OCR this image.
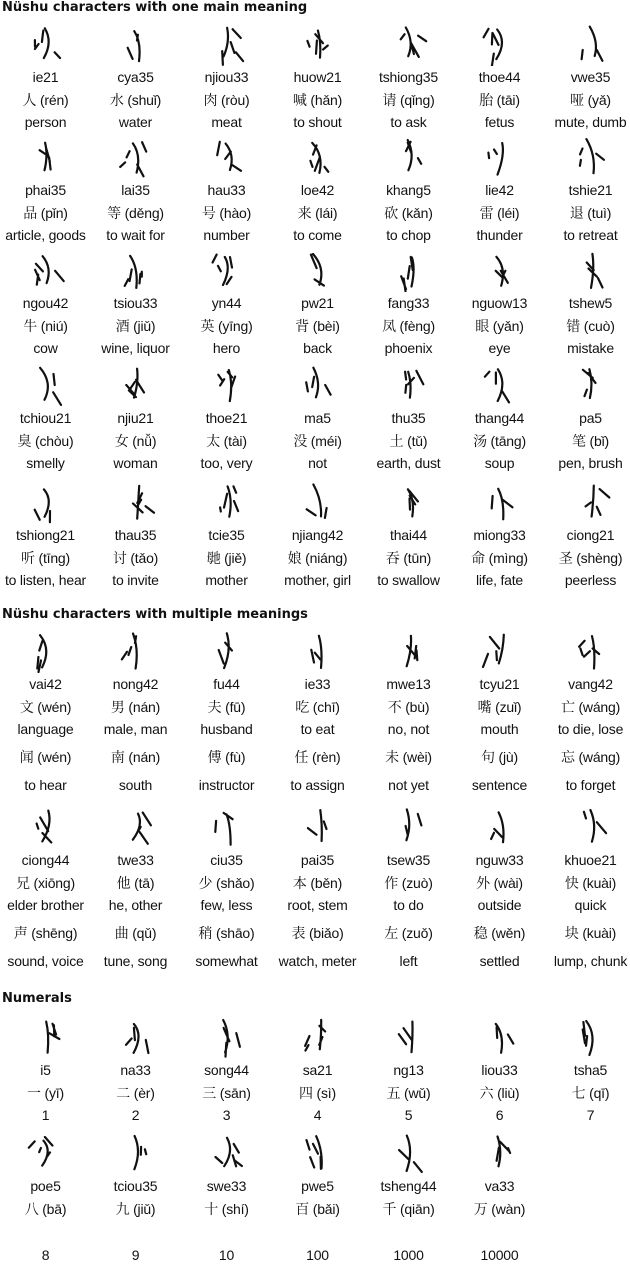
Nüshu characters with one main meaning
Nüshu characters with multiple meanings
Numerals
ie21
人 (rén)
person
cya35
水 (shuǐ)
water
njiou33
肉 (ròu)
meat
huow21
喊 (hǎn)
to shout
tshiong35
请 (qǐng)
to ask
thoe44
胎 (tāi)
fetus
vwe35
哑 (yǎ)
mute, dumb
phai35
品 (pǐn)
article, goods
lai35
等 (děng)
to wait for
hau33
号 (hào)
number
loe42
来 (lái)
to come
khang5
砍 (kǎn)
to chop
lie42
雷 (léi)
thunder
tshie21
退 (tuì)
to retreat
ngou42
牛 (niú)
cow
tsiou33
酒 (jiǔ)
wine, liquor
yn44
英 (yīng)
hero
pw21
背 (bèi)
back
fang33
凤 (fèng)
phoenix
nguow13
眼 (yǎn)
eye
tshew5
错 (cuò)
mistake
tchiou21
臭 (chòu)
smelly
njiu21
女 (nǚ)
woman
thoe21
太 (tài)
too, very
ma5
没 (méi)
not
thu35
土 (tǔ)
earth, dust
thang44
汤 (tāng)
soup
pa5
笔 (bǐ)
pen, brush
tshiong21
听 (tīng)
to listen, hear
thau35
讨 (tǎo)
to invite
tcie35
毑 (jiě)
mother
njiang42
娘 (niáng)
mother, girl
thai44
吞 (tūn)
to swallow
miong33
命 (mìng)
life, fate
ciong21
圣 (shèng)
peerless
vai42
文 (wén)
language
闻 (wén)
to hear
nong42
男 (nán)
male, man
南 (nán)
south
fu44
夫 (fū)
husband
傅 (fù)
instructor
ie33
吃 (chī)
to eat
任 (rèn)
to assign
mwe13
不 (bù)
no, not
未 (wèi)
not yet
tcyu21
嘴 (zuǐ)
mouth
句 (jù)
sentence
vang42
亡 (wáng)
to die, lose
忘 (wáng)
to forget
ciong44
兄 (xiōng)
elder brother
声 (shēng)
sound, voice
twe33
他 (tā)
he, other
曲 (qǔ)
tune, song
ciu35
少 (shǎo)
few, less
稍 (shāo)
somewhat
pai35
本 (běn)
root, stem
表 (biǎo)
watch, meter
tsew35
作 (zuò)
to do
左 (zuǒ)
left
nguw33
外 (wài)
outside
稳 (wěn)
settled
khuoe21
快 (kuài)
quick
块 (kuài)
lump, chunk
i5
一 (yī)
1
na33
二 (èr)
2
song44
三 (sān)
3
sa21
四 (sì)
4
ng13
五 (wǔ)
5
liou33
六 (liù)
6
tsha5
七 (qī)
7
poe5
八 (bā)
8
tciou35
九 (jiǔ)
9
swe33
十 (shí)
10
pwe5
百 (bǎi)
100
tsheng44
千 (qiān)
1000
va33
万 (wàn)
10000
